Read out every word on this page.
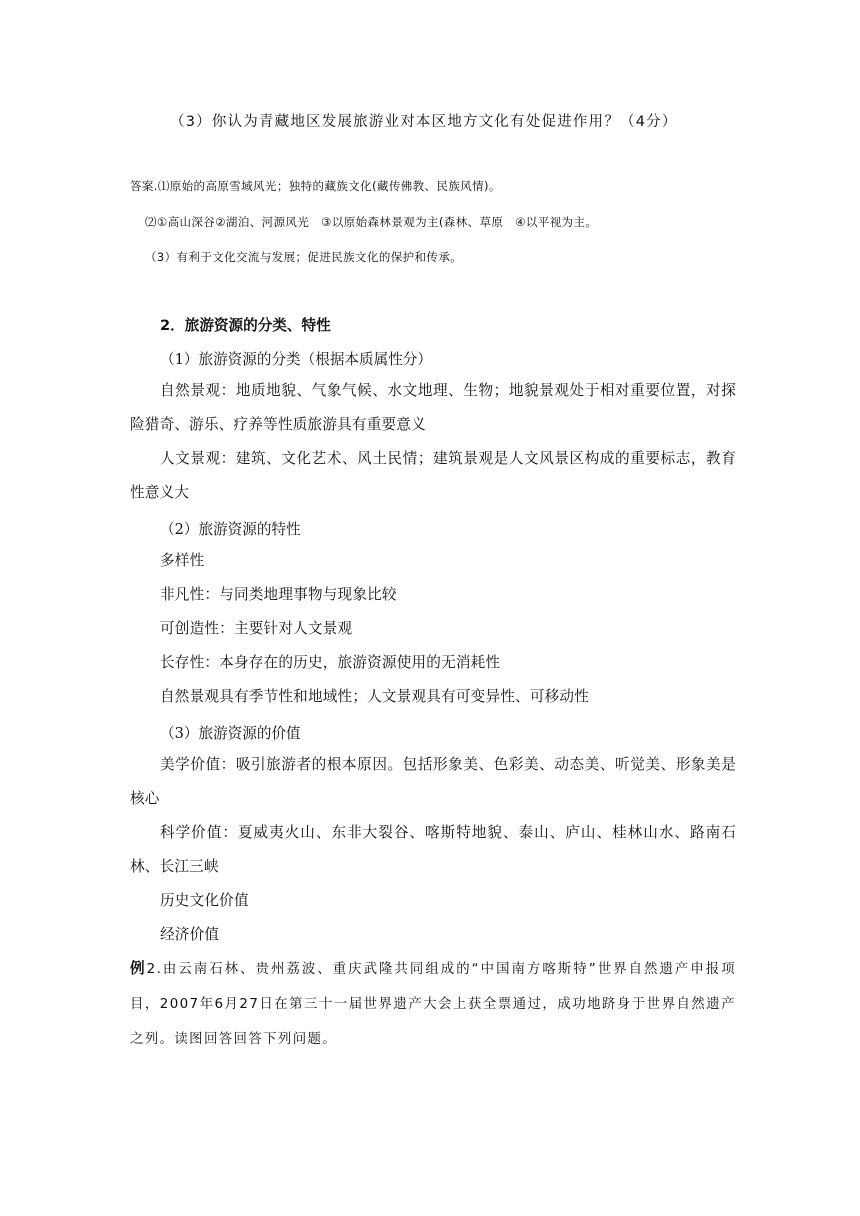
（3）你认为青藏地区发展旅游业对本区地方文化有处促进作用？（4分）

答案.⑴原始的高原雪域风光；独特的藏族文化(藏传佛教、民族风情)。

⑵①高山深谷②湖泊、河源风光　③以原始森林景观为主(森林、草原　④以平视为主。

（3）有利于文化交流与发展；促进民族文化的保护和传承。

2．旅游资源的分类、特性

（1）旅游资源的分类（根据本质属性分）

自然景观：地质地貌、气象气候、水文地理、生物；地貌景观处于相对重要位置，对探险猎奇、游乐、疗养等性质旅游具有重要意义

人文景观：建筑、文化艺术、风土民情；建筑景观是人文风景区构成的重要标志，教育性意义大

（2）旅游资源的特性

多样性

非凡性：与同类地理事物与现象比较

可创造性：主要针对人文景观

长存性：本身存在的历史，旅游资源使用的无消耗性

自然景观具有季节性和地域性；人文景观具有可变异性、可移动性

（3）旅游资源的价值

美学价值：吸引旅游者的根本原因。包括形象美、色彩美、动态美、听觉美、形象美是核心

科学价值：夏威夷火山、东非大裂谷、喀斯特地貌、泰山、庐山、桂林山水、路南石林、长江三峡

历史文化价值

经济价值

例2.由云南石林、贵州荔波、重庆武隆共同组成的“中国南方喀斯特”世界自然遗产申报项目，2007年6月27日在第三十一届世界遗产大会上获全票通过，成功地跻身于世界自然遗产之列。读图回答回答下列问题。
